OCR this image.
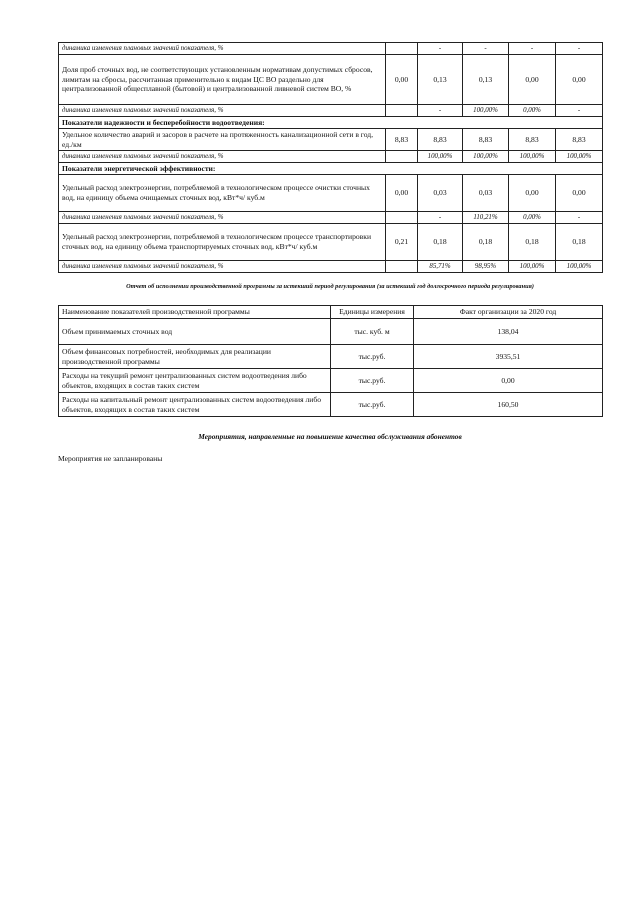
динамика изменения плановых значений показателя, %		-	-	-	-
Доля проб сточных вод, не соответствующих установленным нормативам допустимых сбросов, лимитам на сбросы, рассчитанная применительно к видам ЦС ВО раздельно для централизованной общесплавной (бытовой) и централизованной ливневой систем ВО, %	0,00	0,13	0,13	0,00	0,00
динамика изменения плановых значений показателя, %		-	100,00%	0,00%	-
Показатели надежности и бесперебойности водоотведения:					
Удельное количество аварий и засоров в расчете на протяженность канализационной сети в год, ед./км	8,83	8,83	8,83	8,83	8,83
динамика изменения плановых значений показателя, %		100,00%	100,00%	100,00%	100,00%
Показатели энергетической эффективности:					
Удельный расход электроэнергии, потребляемой в технологическом процессе очистки сточных вод, на единицу объема очищаемых сточных вод, кВт*ч/ куб.м	0,00	0,03	0,03	0,00	0,00
динамика изменения плановых значений показателя, %		-	110,21%	0,00%	-
Удельный расход электроэнергии, потребляемой в технологическом процессе транспортировки сточных вод, на единицу объема транспортируемых сточных вод, кВт*ч/ куб.м	0,21	0,18	0,18	0,18	0,18
динамика изменения плановых значений показателя, %		85,71%	98,95%	100,00%	100,00%
Отчет об исполнении производственной программы за истекший период регулирования (за истекший год долгосрочного периода регулирования)
Наименование показателей производственной программы	Единицы измерения	Факт организации за 2020 год
Объем принимаемых сточных вод	тыс. куб. м	138,04
Объем финансовых потребностей, необходимых для реализации производственной программы	тыс.руб.	3935,51
Расходы на текущий ремонт централизованных систем водоотведения либо объектов, входящих в состав таких систем	тыс.руб.	0,00
Расходы на капитальный ремонт централизованных систем водоотведения либо объектов, входящих в состав таких систем	тыс.руб.	160,50
Мероприятия, направленные на повышение качества обслуживания абонентов
Мероприятия не запланированы
